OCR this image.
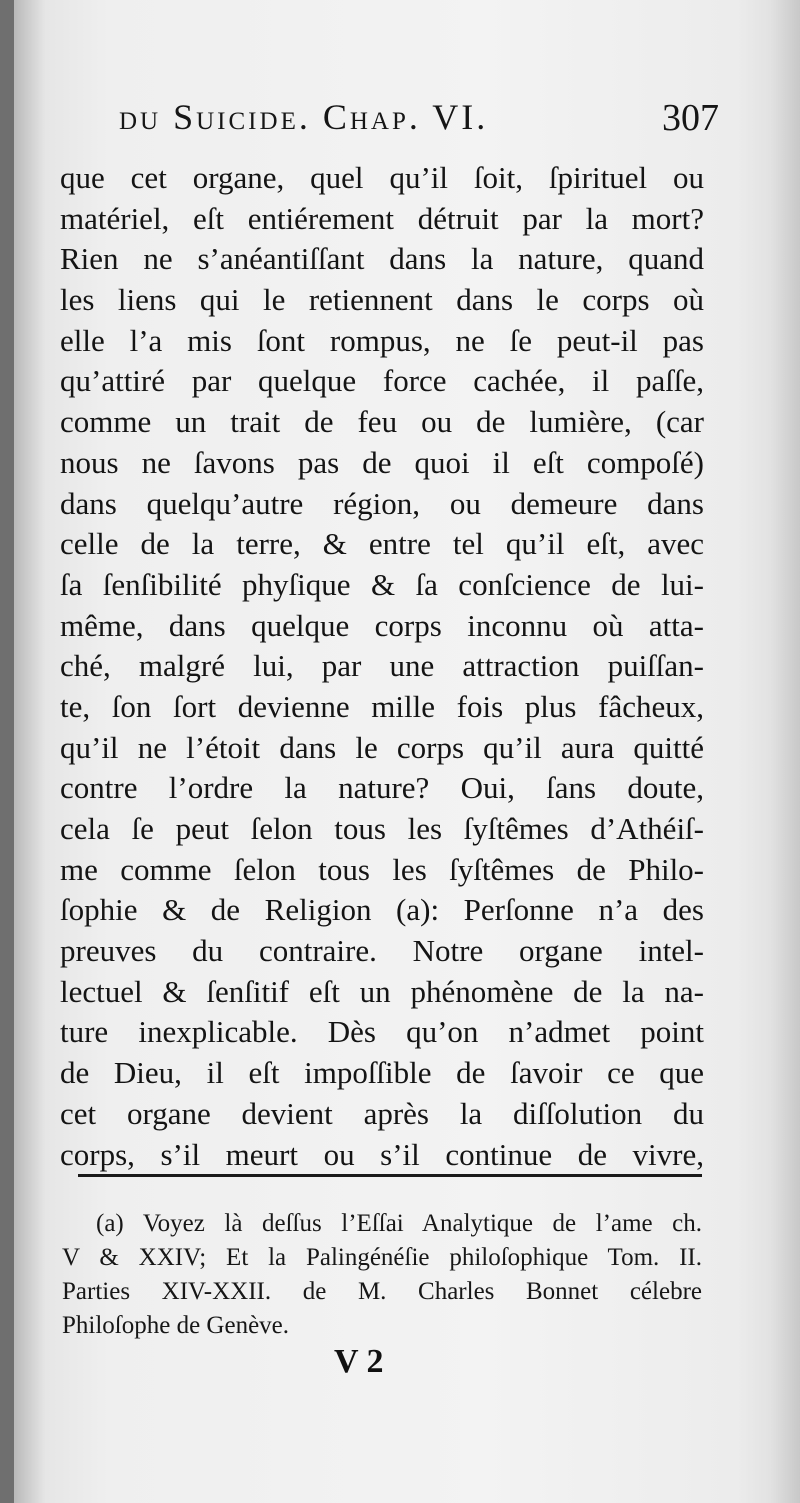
du Suicide. Chap. VI.	307
que cet organe, quel qu’il ſoit, ſpirituel ou
matériel, eſt entiérement détruit par la mort?
Rien ne s’anéantiſſant dans la nature, quand
les liens qui le retiennent dans le corps où
elle l’a mis ſont rompus, ne ſe peut-il pas
qu’attiré par quelque force cachée, il paſſe,
comme un trait de feu ou de lumière, (car
nous ne ſavons pas de quoi il eſt compoſé)
dans quelqu’autre région, ou demeure dans
celle de la terre, & entre tel qu’il eſt, avec
ſa ſenſibilité phyſique & ſa conſcience de lui-
même, dans quelque corps inconnu où atta-
ché, malgré lui, par une attraction puiſſan-
te, ſon ſort devienne mille fois plus fâcheux,
qu’il ne l’étoit dans le corps qu’il aura quitté
contre l’ordre la nature? Oui, ſans doute,
cela ſe peut ſelon tous les ſyſtêmes d’Athéiſ-
me comme ſelon tous les ſyſtêmes de Philo-
ſophie & de Religion (a): Perſonne n’a des
preuves du contraire. Notre organe intel-
lectuel & ſenſitif eſt un phénomène de la na-
ture inexplicable. Dès qu’on n’admet point
de Dieu, il eſt impoſſible de ſavoir ce que
cet organe devient après la diſſolution du
corps, s’il meurt ou s’il continue de vivre,
(a) Voyez là deſſus l’Eſſai Analytique de l’ame ch.
V & XXIV; Et la Palingénéſie philoſophique Tom. II.
Parties XIV-XXII. de M. Charles Bonnet célebre
Philoſophe de Genève.
V 2
